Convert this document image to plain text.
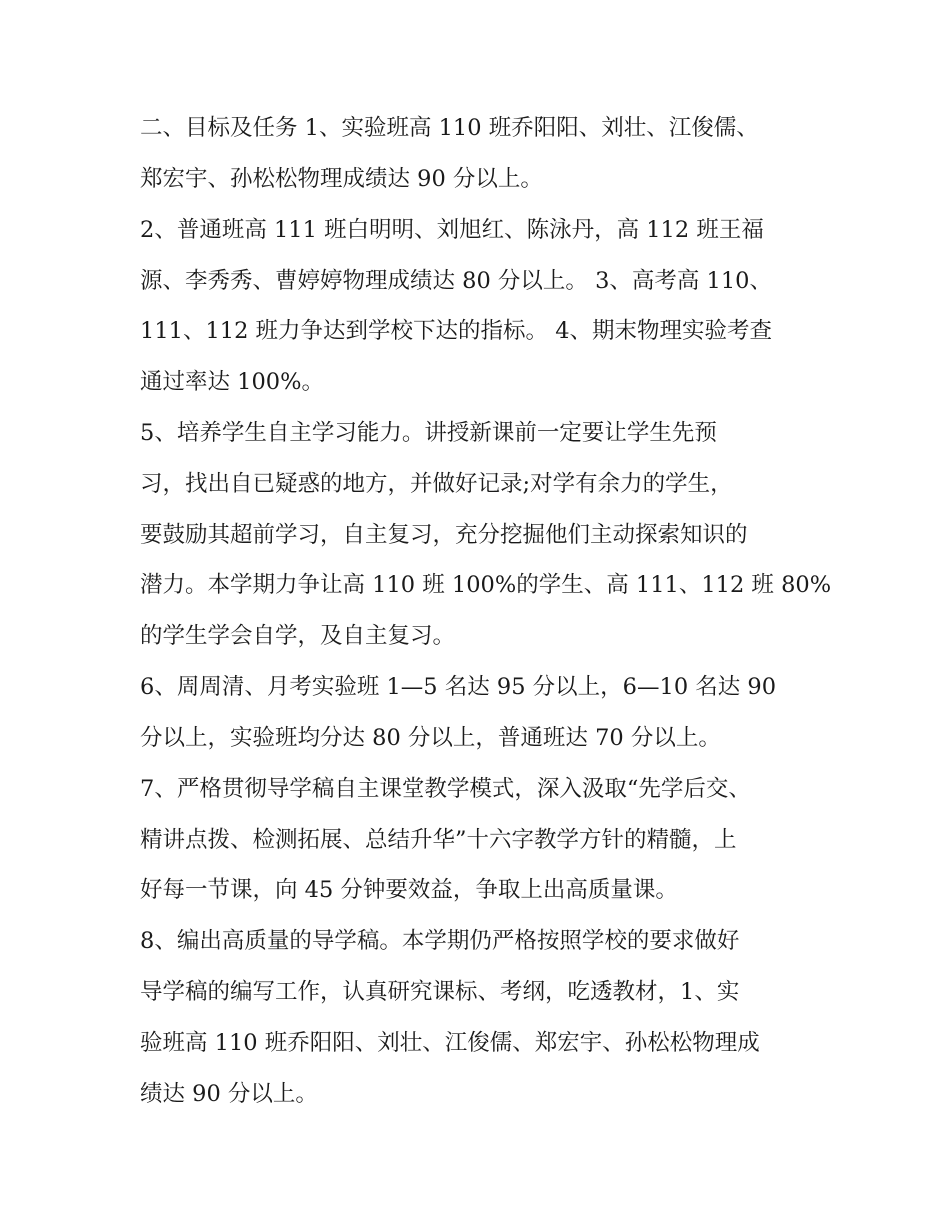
二、目标及任务 1、实验班高 110 班乔阳阳、刘壮、江俊儒、
郑宏宇、孙松松物理成绩达 90 分以上。
2、普通班高 111 班白明明、刘旭红、陈泳丹，高 112 班王福
源、李秀秀、曹婷婷物理成绩达 80 分以上。 3、高考高 110、
111、112 班力争达到学校下达的指标。 4、期末物理实验考查
通过率达 100%。
5、培养学生自主学习能力。讲授新课前一定要让学生先预
习，找出自已疑惑的地方，并做好记录;对学有余力的学生，
要鼓励其超前学习，自主复习，充分挖掘他们主动探索知识的
潜力。本学期力争让高 110 班 100%的学生、高 111、112 班 80%
的学生学会自学，及自主复习。
6、周周清、月考实验班 1—5 名达 95 分以上，6—10 名达 90
分以上，实验班均分达 80 分以上，普通班达 70 分以上。
7、严格贯彻导学稿自主课堂教学模式，深入汲取“先学后交、
精讲点拨、检测拓展、总结升华”十六字教学方针的精髓，上
好每一节课，向 45 分钟要效益，争取上出高质量课。
8、编出高质量的导学稿。本学期仍严格按照学校的要求做好
导学稿的编写工作，认真研究课标、考纲，吃透教材，1、实
验班高 110 班乔阳阳、刘壮、江俊儒、郑宏宇、孙松松物理成
绩达 90 分以上。
